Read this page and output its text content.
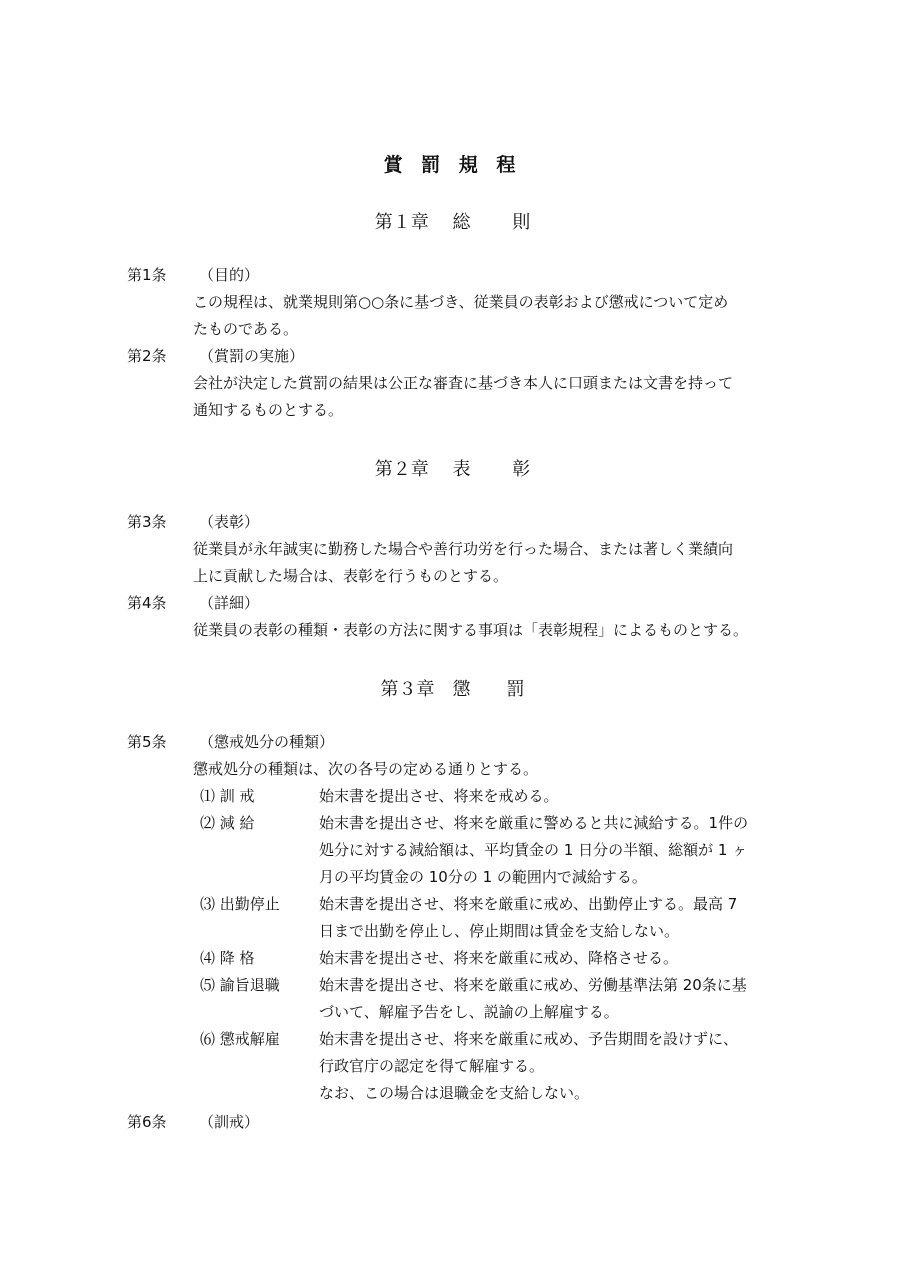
賞 罰 規 程
第１章　 総　　 則
第1条 （目的）
この規程は、就業規則第○○条に基づき、従業員の表彰および懲戒について定め
たものである。
第2条 （賞罰の実施）
会社が決定した賞罰の結果は公正な審査に基づき本人に口頭または文書を持って
通知するものとする。
第２章　 表　　 彰
第3条 （表彰）
従業員が永年誠実に勤務した場合や善行功労を行った場合、または著しく業績向
上に貢献した場合は、表彰を行うものとする。
第4条 （詳細）
従業員の表彰の種類・表彰の方法に関する事項は「表彰規程」によるものとする。
第３章　懲　　罰
第5条 （懲戒処分の種類）
懲戒処分の種類は、次の各号の定める通りとする。
⑴ 訓 戒	始末書を提出させ、将来を戒める。
⑵ 減 給	始末書を提出させ、将来を厳重に警めると共に減給する。1件の
処分に対する減給額は、平均賃金の 1 日分の半額、総額が 1 ヶ
月の平均賃金の 10分の 1 の範囲内で減給する。
⑶ 出勤停止	始末書を提出させ、将来を厳重に戒め、出勤停止する。最高 7
日まで出勤を停止し、停止期間は賃金を支給しない。
⑷ 降 格	始末書を提出させ、将来を厳重に戒め、降格させる。
⑸ 諭旨退職	始末書を提出させ、将来を厳重に戒め、労働基準法第 20条に基
づいて、解雇予告をし、説諭の上解雇する。
⑹ 懲戒解雇	始末書を提出させ、将来を厳重に戒め、予告期間を設けずに、
行政官庁の認定を得て解雇する。
なお、この場合は退職金を支給しない。
第6条 （訓戒）
